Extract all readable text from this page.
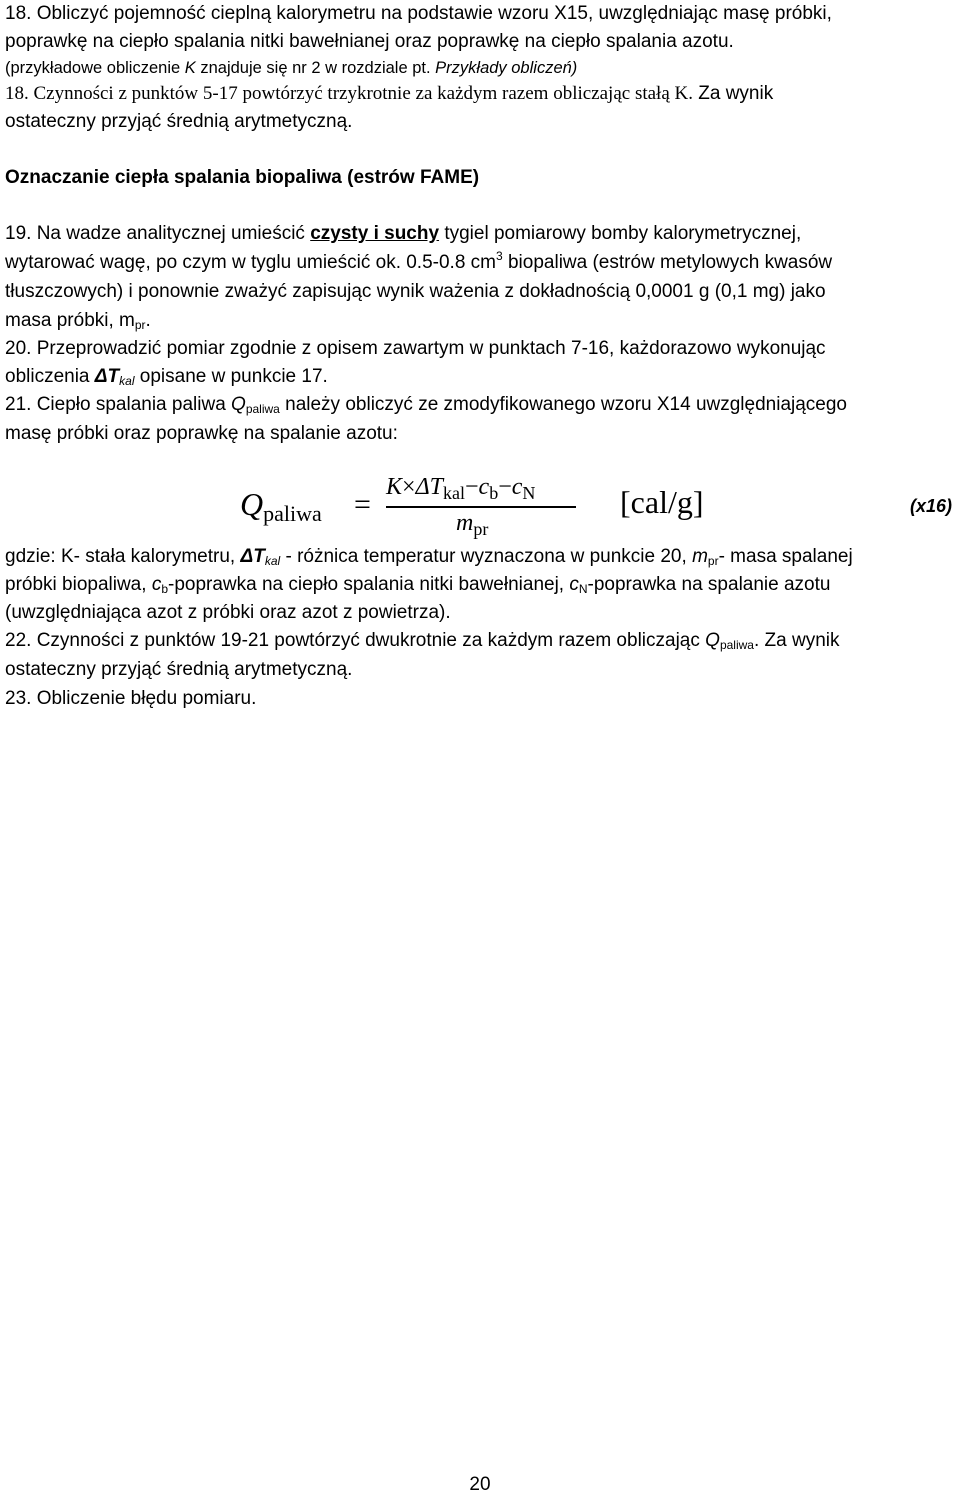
18. Obliczyć pojemność cieplną kalorymetru na podstawie wzoru X15, uwzględniając masę próbki,

poprawkę na ciepło spalania nitki bawełnianej oraz poprawkę na ciepło spalania azotu.

(przykładowe obliczenie K znajduje się nr 2 w rozdziale pt. Przykłady obliczeń)

18. Czynności z punktów 5-17 powtórzyć trzykrotnie za każdym razem obliczając stałą K. Za wynik

ostateczny przyjąć średnią arytmetyczną.

Oznaczanie ciepła spalania biopaliwa (estrów FAME)

19. Na wadze analitycznej umieścić czysty i suchy tygiel pomiarowy bomby kalorymetrycznej,

wytarować wagę, po czym w tyglu umieścić ok. 0.5-0.8 $cm^3$ biopaliwa (estrów metylowych kwasów

tłuszczowych) i ponownie zważyć zapisując wynik ważenia z dokładnością 0,0001 g (0,1 mg) jako

masa próbki, $m_{pr}$.

20. Przeprowadzić pomiar zgodnie z opisem zawartym w punktach 7-16, każdorazowo wykonując

obliczenia $\Delta T_{kal}$ opisane w punkcie 17.

21. Ciepło spalania paliwa $Q_{paliwa}$ należy obliczyć ze zmodyfikowanego wzoru X14 uwzględniającego

masę próbki oraz poprawkę na spalanie azotu:

Qpaliwa =
$K\times\Delta T_{kal}-c_b-c_N$
$m_{pr}$
[cal/g]	(x16)

gdzie: K- stała kalorymetru, $\Delta T_{kal}$ - różnica temperatur wyznaczona w punkcie 20, $m_{pr}-$ masa spalanej

próbki biopaliwa, $c_b$-poprawka na ciepło spalania nitki bawełnianej, $c_N$-poprawka na spalanie azotu

(uwzględniająca azot z próbki oraz azot z powietrza).

22. Czynności z punktów 19-21 powtórzyć dwukrotnie za każdym razem obliczając $Q_{paliwa}$. Za wynik

ostateczny przyjąć średnią arytmetyczną.

23. Obliczenie błędu pomiaru.

20
